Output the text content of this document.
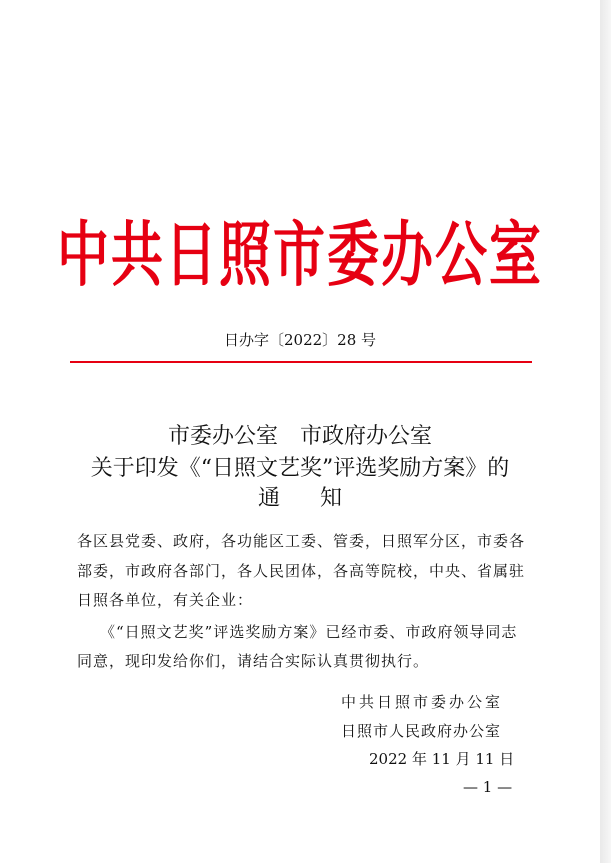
中共日照市委办公室
日办字〔2022〕28 号
市委办公室　市政府办公室
关于印发《“日照文艺奖”评选奖励方案》的
通知
各区县党委、政府，各功能区工委、管委，日照军分区，市委各
部委，市政府各部门，各人民团体，各高等院校，中央、省属驻
日照各单位，有关企业：
《“日照文艺奖”评选奖励方案》已经市委、市政府领导同志
同意，现印发给你们，请结合实际认真贯彻执行。
中共日照市委办公室
日照市人民政府办公室
2022 年 11 月 11 日
— 1 —
